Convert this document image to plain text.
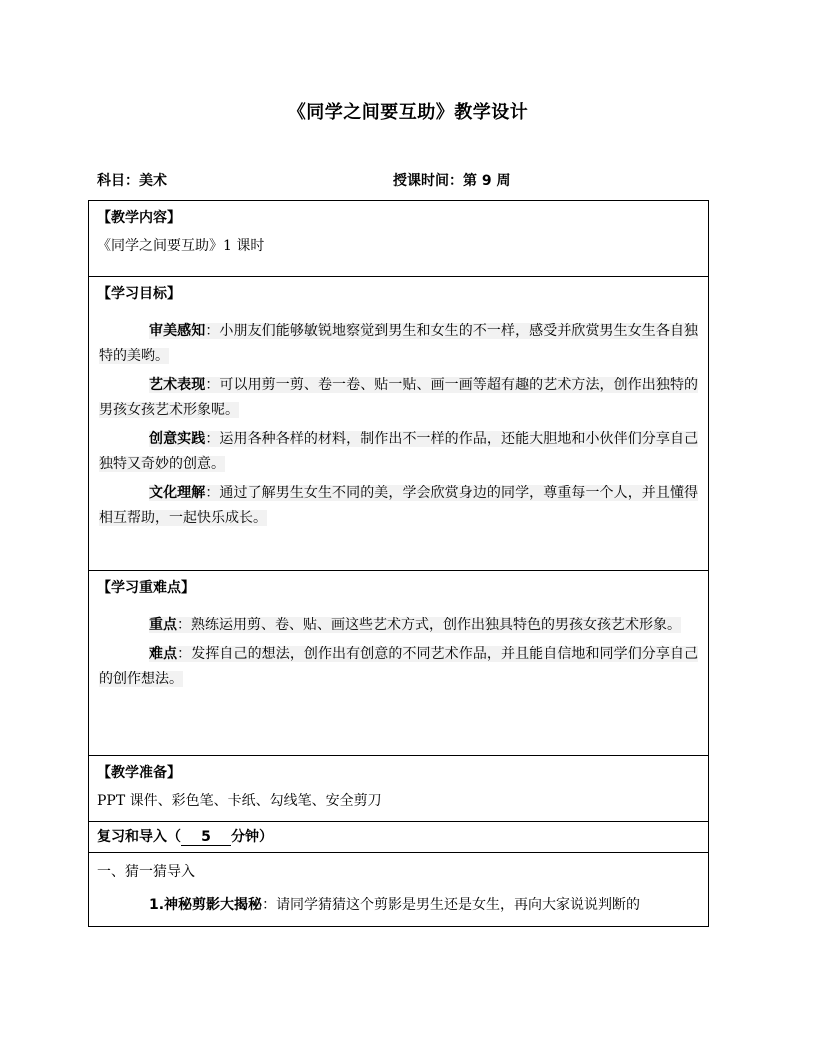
《同学之间要互助》教学设计
科目：美术	授课时间：第 9 周
【教学内容】
《同学之间要互助》1 课时

【学习目标】

审美感知：小朋友们能够敏锐地察觉到男生和女生的不一样，感受并欣赏男生女生各自独特的美哟。

艺术表现：可以用剪一剪、卷一卷、贴一贴、画一画等超有趣的艺术方法，创作出独特的男孩女孩艺术形象呢。

创意实践：运用各种各样的材料，制作出不一样的作品，还能大胆地和小伙伴们分享自己独特又奇妙的创意。

文化理解：通过了解男生女生不同的美，学会欣赏身边的同学，尊重每一个人，并且懂得相互帮助，一起快乐成长。

【学习重难点】

重点：熟练运用剪、卷、贴、画这些艺术方式，创作出独具特色的男孩女孩艺术形象。

难点：发挥自己的想法，创作出有创意的不同艺术作品，并且能自信地和同学们分享自己的创作想法。

【教学准备】
PPT 课件、彩色笔、卡纸、勾线笔、安全剪刀

复习和导入（ 5 分钟）

一、猜一猜导入

1.神秘剪影大揭秘：请同学猜猜这个剪影是男生还是女生，再向大家说说判断的
